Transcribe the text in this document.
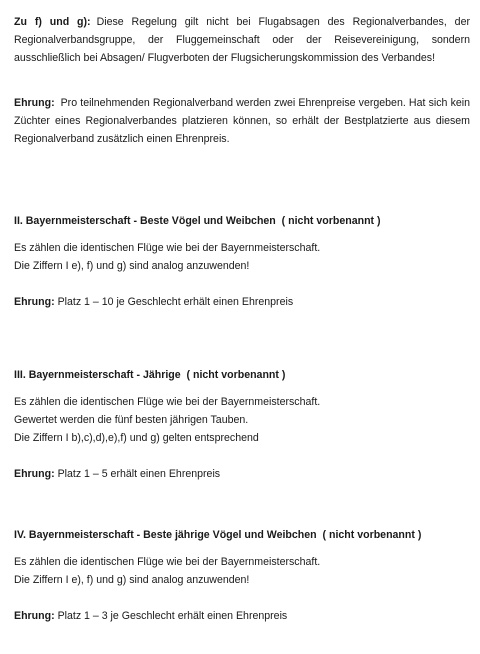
Zu f) und g): Diese Regelung gilt nicht bei Flugabsagen des Regionalverbandes, der Regionalverbandsgruppe, der Fluggemeinschaft oder der Reisevereinigung, sondern ausschließlich bei Absagen/ Flugverboten der Flugsicherungskommission des Verbandes!
Ehrung: Pro teilnehmenden Regionalverband werden zwei Ehrenpreise vergeben. Hat sich kein Züchter eines Regionalverbandes platzieren können, so erhält der Bestplatzierte aus diesem Regionalverband zusätzlich einen Ehrenpreis.
II. Bayernmeisterschaft - Beste Vögel und Weibchen ( nicht vorbenannt )
Es zählen die identischen Flüge wie bei der Bayernmeisterschaft.
Die Ziffern I e), f) und g) sind analog anzuwenden!
Ehrung: Platz 1 – 10 je Geschlecht erhält einen Ehrenpreis
III. Bayernmeisterschaft - Jährige ( nicht vorbenannt )
Es zählen die identischen Flüge wie bei der Bayernmeisterschaft.
Gewertet werden die fünf besten jährigen Tauben.
Die Ziffern I b),c),d),e),f) und g) gelten entsprechend
Ehrung: Platz 1 – 5 erhält einen Ehrenpreis
IV. Bayernmeisterschaft - Beste jährige Vögel und Weibchen ( nicht vorbenannt )
Es zählen die identischen Flüge wie bei der Bayernmeisterschaft.
Die Ziffern I e), f) und g) sind analog anzuwenden!
Ehrung: Platz 1 – 3 je Geschlecht erhält einen Ehrenpreis
